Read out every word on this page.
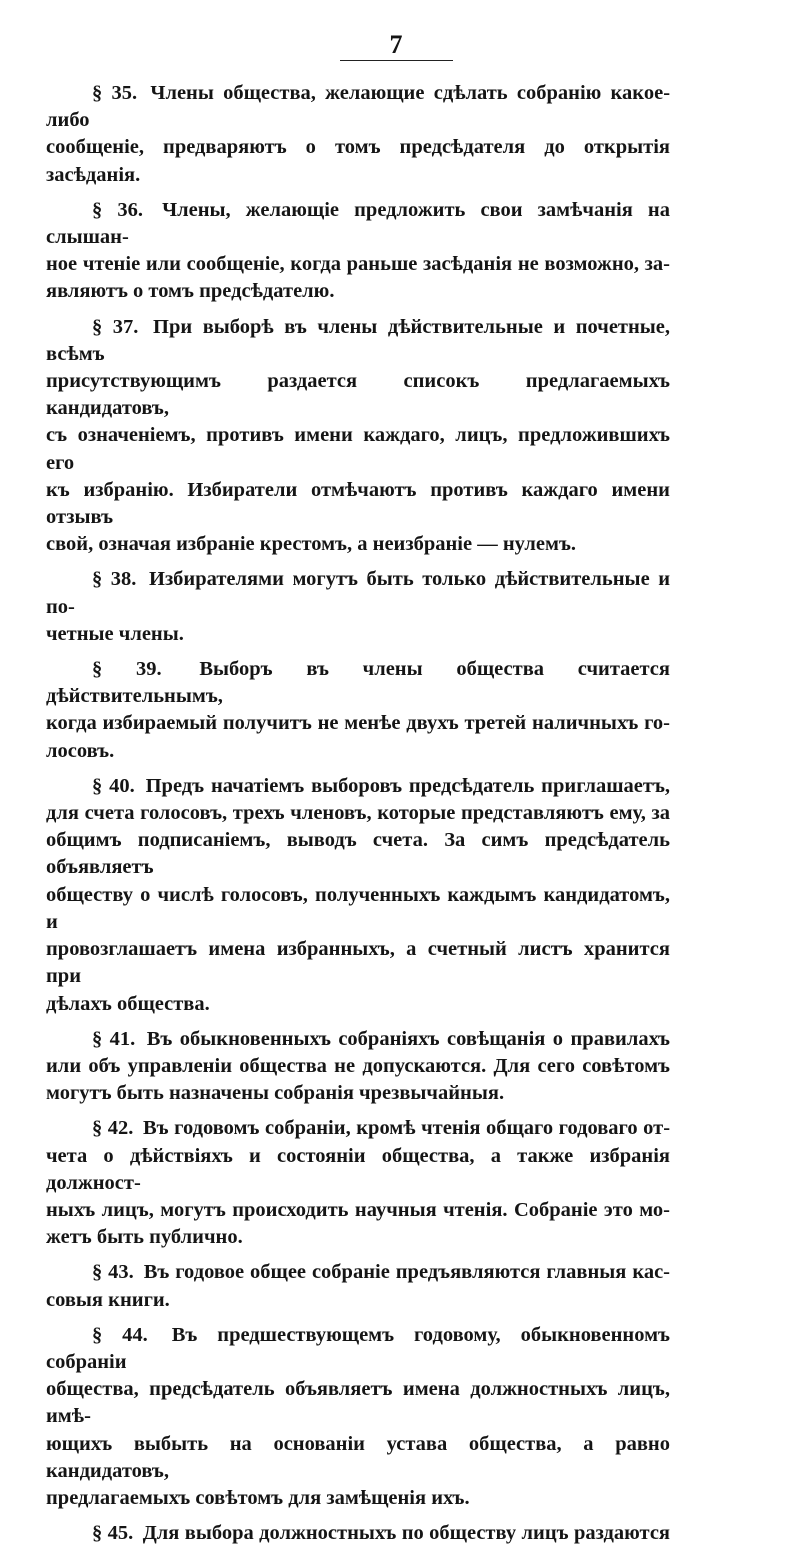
7
§ 35. Члены общества, желающие сдѣлать собранію какое-либо
сообщеніе, предваряютъ о томъ предсѣдателя до открытія засѣданія.
§ 36. Члены, желающіе предложить свои замѣчанія на слышан-
ное чтеніе или сообщеніе, когда раньше засѣданія не возможно, за-
являютъ о томъ предсѣдателю.
§ 37. При выборѣ въ члены дѣйствительные и почетные, всѣмъ
присутствующимъ раздается списокъ предлагаемыхъ кандидатовъ,
съ означеніемъ, противъ имени каждаго, лицъ, предложившихъ его
къ избранію. Избиратели отмѣчаютъ противъ каждаго имени отзывъ
свой, означая избраніе крестомъ, а неизбраніе — нулемъ.
§ 38. Избирателями могутъ быть только дѣйствительные и по-
четные члены.
§ 39. Выборъ въ члены общества считается дѣйствительнымъ,
когда избираемый получитъ не менѣе двухъ третей наличныхъ го-
лосовъ.
§ 40. Предъ начатіемъ выборовъ предсѣдатель приглашаетъ,
для счета голосовъ, трехъ членовъ, которые представляютъ ему, за
общимъ подписаніемъ, выводъ счета. За симъ предсѣдатель объявляетъ
обществу о числѣ голосовъ, полученныхъ каждымъ кандидатомъ, и
провозглашаетъ имена избранныхъ, а счетный листъ хранится при
дѣлахъ общества.
§ 41. Въ обыкновенныхъ собраніяхъ совѣщанія о правилахъ
или объ управленіи общества не допускаются. Для сего совѣтомъ
могутъ быть назначены собранія чрезвычайныя.
§ 42. Въ годовомъ собраніи, кромѣ чтенія общаго годоваго от-
чета о дѣйствіяхъ и состояніи общества, а также избранія должност-
ныхъ лицъ, могутъ происходить научныя чтенія. Собраніе это мо-
жетъ быть публично.
§ 43. Въ годовое общее собраніе предъявляются главныя кас-
совыя книги.
§ 44. Въ предшествующемъ годовому, обыкновенномъ собраніи
общества, предсѣдатель объявляетъ имена должностныхъ лицъ, имѣ-
ющихъ выбыть на основаніи устава общества, а равно кандидатовъ,
предлагаемыхъ совѣтомъ для замѣщенія ихъ.
§ 45. Для выбора должностныхъ по обществу лицъ раздаются
